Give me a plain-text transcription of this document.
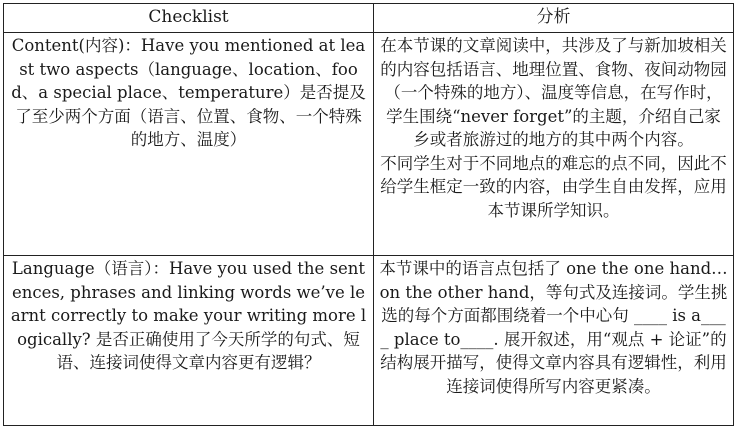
Checklist	分析

Content(内容)：Have you mentioned at least two aspects（language、location、food、a special place、temperature）是否提及了至少两个方面（语言、位置、食物、一个特殊的地方、温度）	在本节课的文章阅读中，共涉及了与新加坡相关的内容包括语言、地理位置、食物、夜间动物园（一个特殊的地方）、温度等信息，在写作时，学生围绕“never forget”的主题，介绍自己家乡或者旅游过的地方的其中两个内容。

不同学生对于不同地点的难忘的点不同，因此不给学生框定一致的内容，由学生自由发挥，应用本节课所学知识。

Language（语言）：Have you used the sentences, phrases and linking words we’ve learnt correctly to make your writing more logically? 是否正确使用了今天所学的句式、短语、连接词使得文章内容更有逻辑？	本节课中的语言点包括了 one the one hand…on the other hand，等句式及连接词。学生挑选的每个方面都围绕着一个中心句 ____ is a____ place to____. 展开叙述，用“观点 + 论证”的结构展开描写，使得文章内容具有逻辑性，利用连接词使得所写内容更紧凑。
